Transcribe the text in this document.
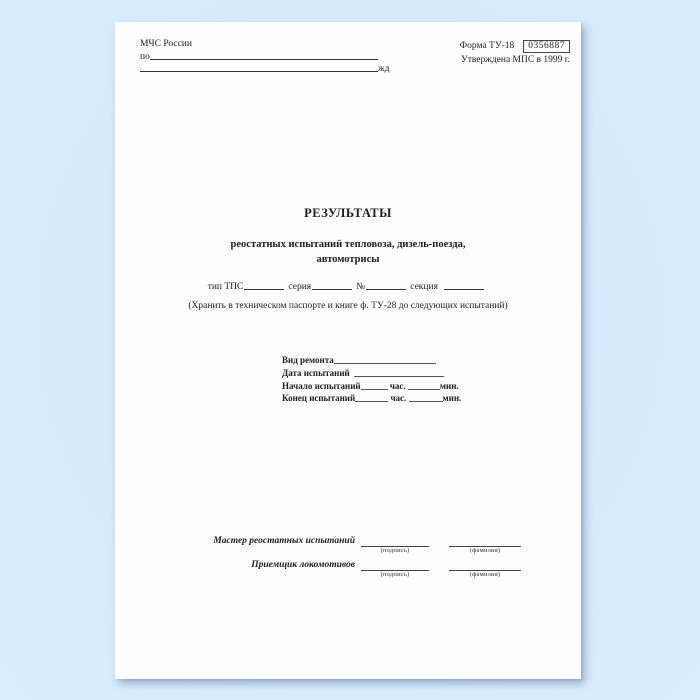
МЧС России
по
жд
Форма ТУ-18 0356887
Утверждена МПС в 1999 г.
РЕЗУЛЬТАТЫ
реостатных испытаний тепловоза, дизель-поезда,
автомотрисы
тип ТПС	серия	№	секция
(Хранить в техническом паспорте и книге ф. ТУ-28 до следующих испытаний)
Вид ремонта
Дата испытаний
Начало испытаний	час.	мин.
Конец испытаний	час.	мин.
Мастер реостатных испытаний
(подпись)	(фамилия)
Приемщик локомотивов
(подпись)	(фамилия)
